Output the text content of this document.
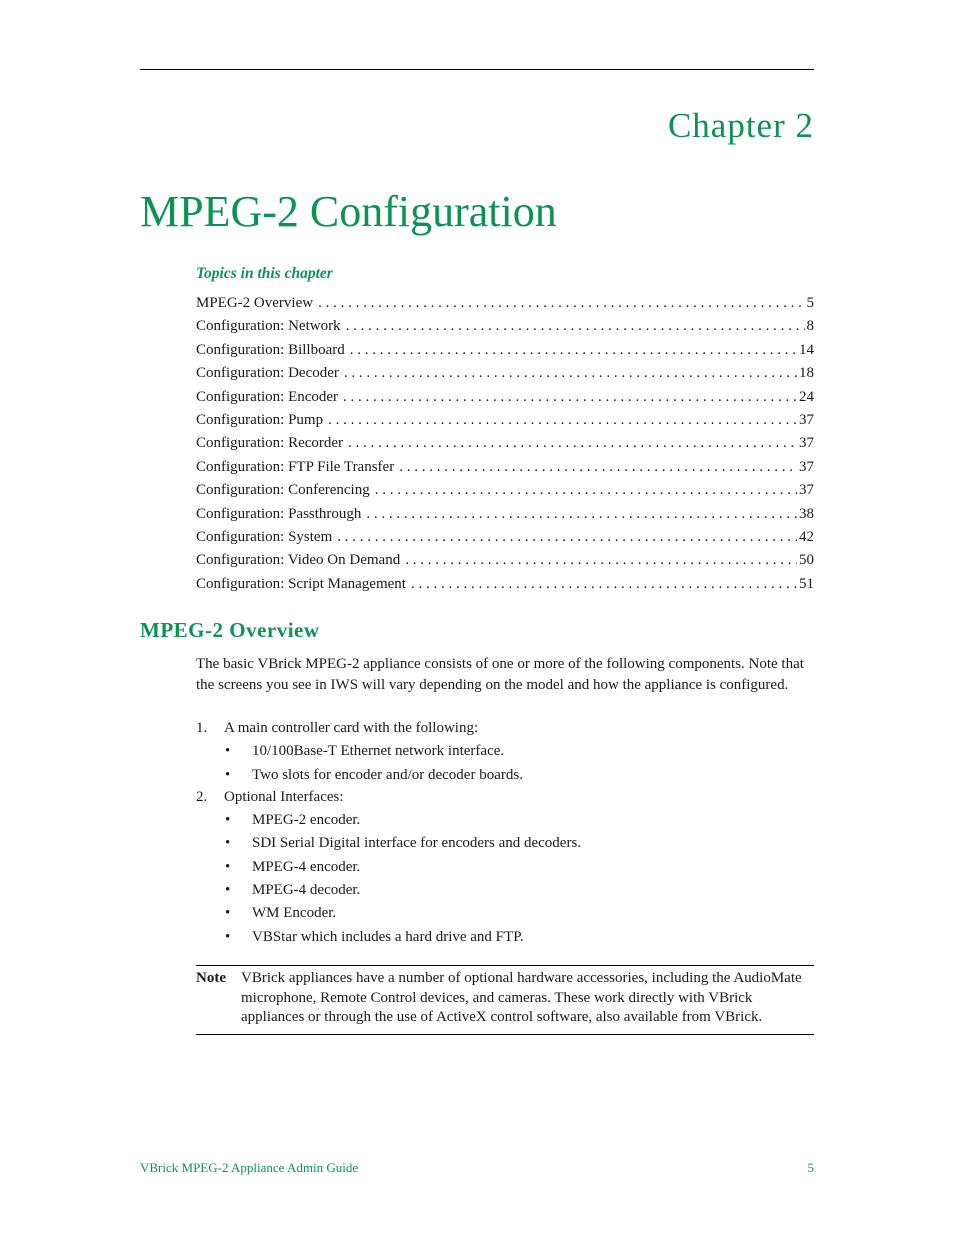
Chapter 2
MPEG-2 Configuration
Topics in this chapter
MPEG-2 Overview . . .	5
Configuration: Network . . .	8
Configuration: Billboard . . .	14
Configuration: Decoder . . .	18
Configuration: Encoder . . .	24
Configuration: Pump . . .	37
Configuration: Recorder . . .	37
Configuration: FTP File Transfer . . .	37
Configuration: Conferencing . . .	37
Configuration: Passthrough . . .	38
Configuration: System . . .	42
Configuration: Video On Demand . . .	50
Configuration: Script Management . . .	51
MPEG-2 Overview

The basic VBrick MPEG-2 appliance consists of one or more of the following components. Note that the screens you see in IWS will vary depending on the model and how the appliance is configured.

1. A main controller card with the following:
• 10/100Base-T Ethernet network interface.
• Two slots for encoder and/or decoder boards.
2. Optional Interfaces:
• MPEG-2 encoder.
• SDI Serial Digital interface for encoders and decoders.
• MPEG-4 encoder.
• MPEG-4 decoder.
• WM Encoder.
• VBStar which includes a hard drive and FTP.
Note	VBrick appliances have a number of optional hardware accessories, including the AudioMate microphone, Remote Control devices, and cameras. These work directly with VBrick appliances or through the use of ActiveX control software, also available from VBrick.
VBrick MPEG-2 Appliance Admin Guide	5
